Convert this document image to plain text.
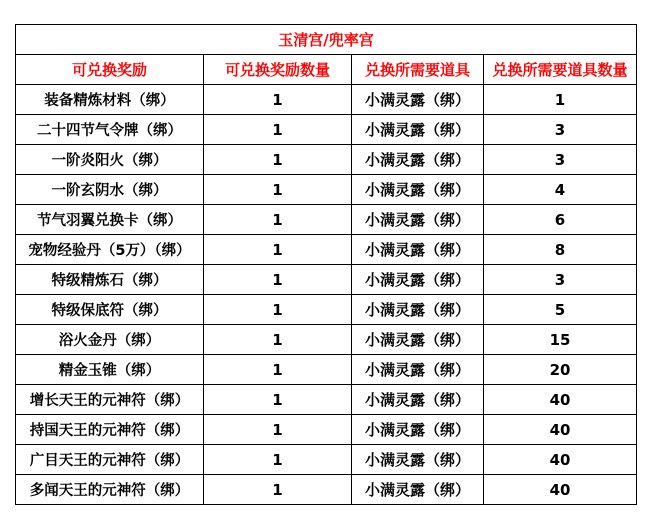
玉清宫/兜率宫			
可兑换奖励	可兑换奖励数量	兑换所需要道具	兑换所需要道具数量
装备精炼材料（绑）	1	小满灵露（绑）	1
二十四节气令牌（绑）	1	小满灵露（绑）	3
一阶炎阳火（绑）	1	小满灵露（绑）	3
一阶玄阴水（绑）	1	小满灵露（绑）	4
节气羽翼兑换卡（绑）	1	小满灵露（绑）	6
宠物经验丹（5万）（绑）	1	小满灵露（绑）	8
特级精炼石（绑）	1	小满灵露（绑）	3
特级保底符（绑）	1	小满灵露（绑）	5
浴火金丹（绑）	1	小满灵露（绑）	15
精金玉锥（绑）	1	小满灵露（绑）	20
增长天王的元神符（绑）	1	小满灵露（绑）	40
持国天王的元神符（绑）	1	小满灵露（绑）	40
广目天王的元神符（绑）	1	小满灵露（绑）	40
多闻天王的元神符（绑）	1	小满灵露（绑）	40
